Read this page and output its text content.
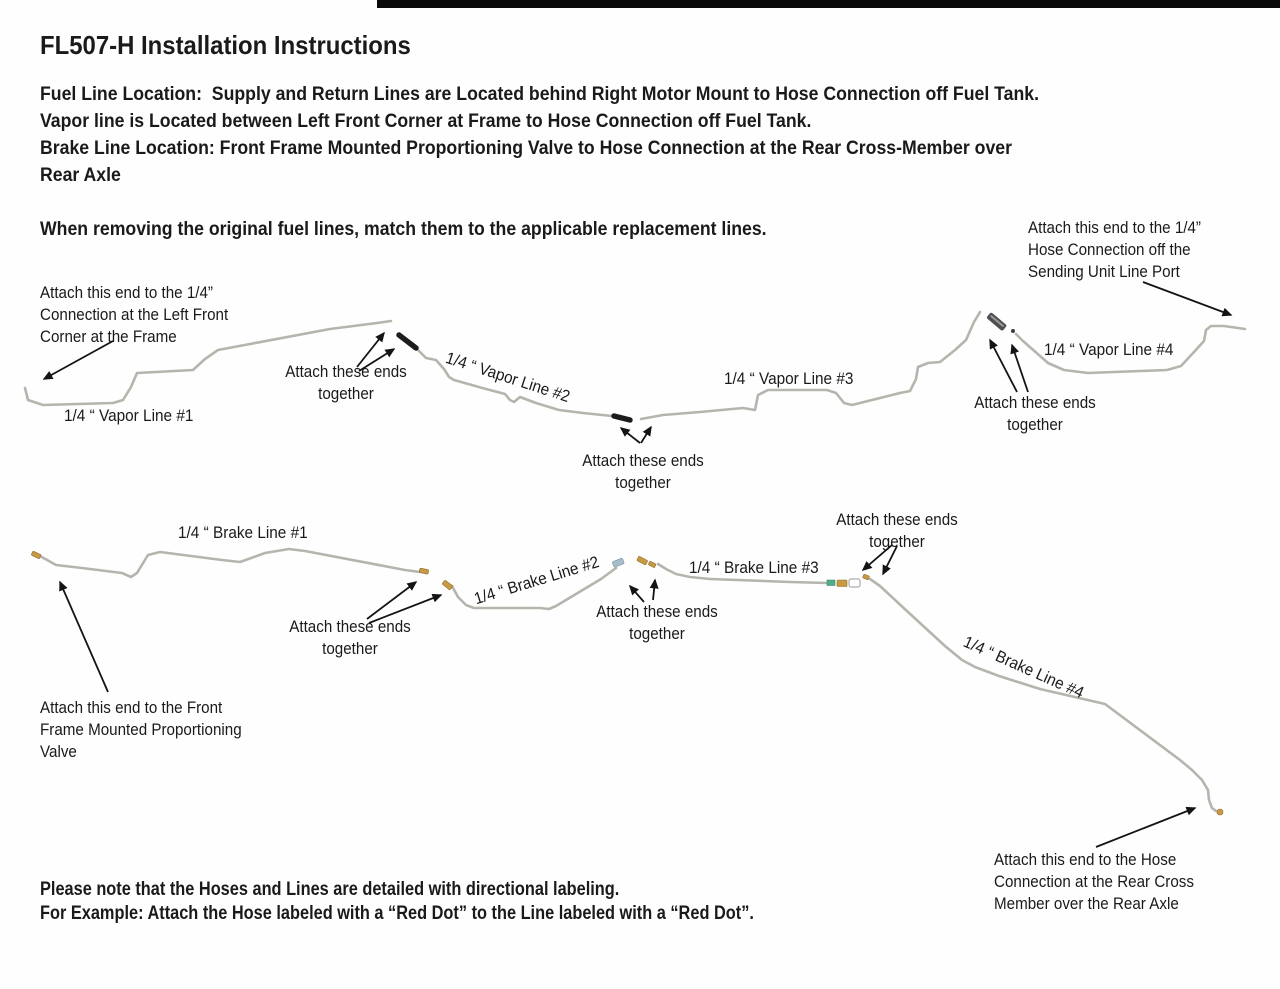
FL507-H Installation Instructions
Fuel Line Location:  Supply and Return Lines are Located behind Right Motor Mount to Hose Connection off Fuel Tank.
Vapor line is Located between Left Front Corner at Frame to Hose Connection off Fuel Tank.
Brake Line Location: Front Frame Mounted Proportioning Valve to Hose Connection at the Rear Cross-Member over
Rear Axle
When removing the original fuel lines, match them to the applicable replacement lines.
Attach this end to the 1/4”
Connection at the Left Front
Corner at the Frame
Attach this end to the 1/4”
Hose Connection off the
Sending Unit Line Port
Attach this end to the Front
Frame Mounted Proportioning
Valve
Attach this end to the Hose
Connection at the Rear Cross
Member over the Rear Axle
Attach these ends
together
Attach these ends
together
Attach these ends
together
Attach these ends
together
Attach these ends
together
Attach these ends
together
1/4 “ Vapor Line #1
1/4 “ Vapor Line #2	1/4 “ Vapor Line #3
1/4 “ Vapor Line #4
1/4 “ Brake Line #1
1/4 “ Brake Line #2	1/4 “ Brake Line #3
1/4 “ Brake Line #4
Please note that the Hoses and Lines are detailed with directional labeling.
For Example: Attach the Hose labeled with a “Red Dot” to the Line labeled with a “Red Dot”.
